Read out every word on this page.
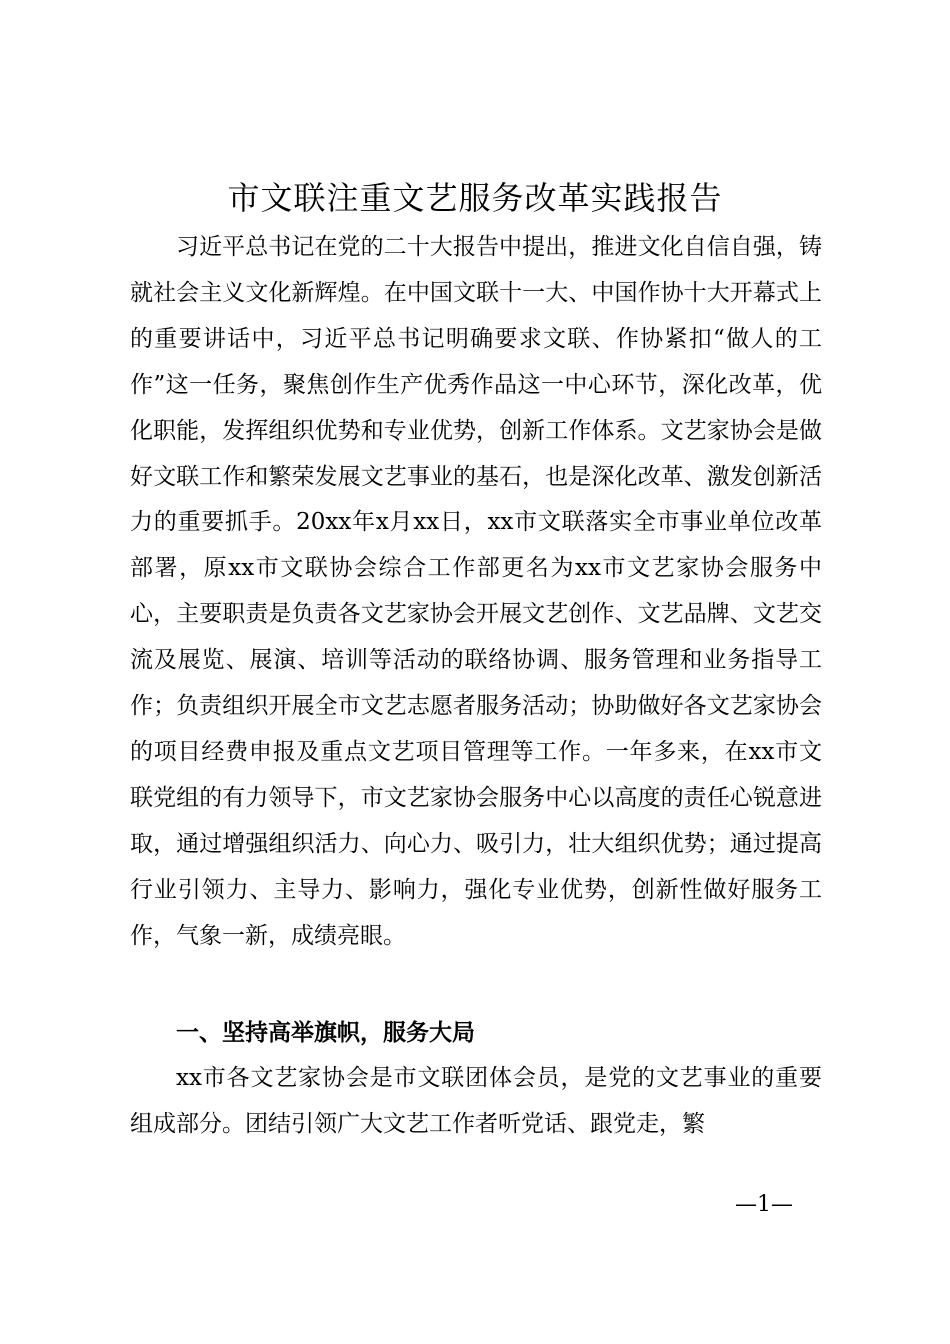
市文联注重文艺服务改革实践报告

习近平总书记在党的二十大报告中提出，推进文化自信自强，铸就社会主义文化新辉煌。在中国文联十一大、中国作协十大开幕式上的重要讲话中，习近平总书记明确要求文联、作协紧扣“做人的工作”这一任务，聚焦创作生产优秀作品这一中心环节，深化改革，优化职能，发挥组织优势和专业优势，创新工作体系。文艺家协会是做好文联工作和繁荣发展文艺事业的基石，也是深化改革、激发创新活力的重要抓手。20xx年x月xx日，xx市文联落实全市事业单位改革部署，原xx市文联协会综合工作部更名为xx市文艺家协会服务中心，主要职责是负责各文艺家协会开展文艺创作、文艺品牌、文艺交流及展览、展演、培训等活动的联络协调、服务管理和业务指导工作；负责组织开展全市文艺志愿者服务活动；协助做好各文艺家协会的项目经费申报及重点文艺项目管理等工作。一年多来，在xx市文联党组的有力领导下，市文艺家协会服务中心以高度的责任心锐意进取，通过增强组织活力、向心力、吸引力，壮大组织优势；通过提高行业引领力、主导力、影响力，强化专业优势，创新性做好服务工作，气象一新，成绩亮眼。

一、坚持高举旗帜，服务大局

xx市各文艺家协会是市文联团体会员，是党的文艺事业的重要组成部分。团结引领广大文艺工作者听党话、跟党走，繁

—1—
